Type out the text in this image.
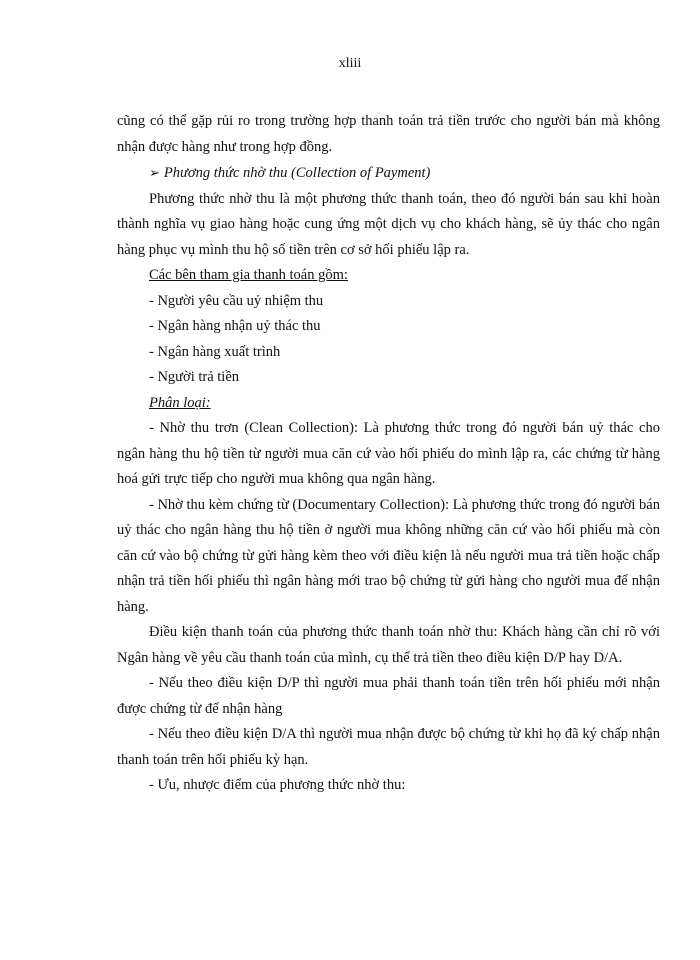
xliii

cũng có thể gặp rủi ro trong trường hợp thanh toán trả tiền trước cho người bán mà không nhận được hàng như trong hợp đồng.

➢ Phương thức nhờ thu (Collection of Payment)

Phương thức nhờ thu là một phương thức thanh toán, theo đó người bán sau khi hoàn thành nghĩa vụ giao hàng hoặc cung ứng một dịch vụ cho khách hàng, sẽ ủy thác cho ngân hàng phục vụ mình thu hộ số tiền trên cơ sở hối phiếu lập ra.

Các bên tham gia thanh toán gồm:

- Người yêu cầu uỷ nhiệm thu

- Ngân hàng nhận uỷ thác thu

- Ngân hàng xuất trình

- Người trả tiền

Phân loại:

- Nhờ thu trơn (Clean Collection): Là phương thức trong đó người bán uỷ thác cho ngân hàng thu hộ tiền từ người mua căn cứ vào hối phiếu do mình lập ra, các chứng từ hàng hoá gửi trực tiếp cho người mua không qua ngân hàng.

- Nhờ thu kèm chứng từ (Documentary Collection): Là phương thức trong đó người bán uỷ thác cho ngân hàng thu hộ tiền ở người mua không những căn cứ vào hối phiếu mà còn căn cứ vào bộ chứng từ gửi hàng kèm theo với điều kiện là nếu người mua trả tiền hoặc chấp nhận trả tiền hối phiếu thì ngân hàng mới trao bộ chứng từ gửi hàng cho người mua để nhận hàng.

Điều kiện thanh toán của phương thức thanh toán nhờ thu: Khách hàng cần chỉ rõ với Ngân hàng về yêu cầu thanh toán của mình, cụ thể trả tiền theo điều kiện D/P hay D/A.

- Nếu theo điều kiện D/P thì người mua phải thanh toán tiền trên hối phiếu mới nhận được chứng từ để nhận hàng

- Nếu theo điều kiện D/A thì người mua nhận được bộ chứng từ khi họ đã ký chấp nhận thanh toán trên hối phiếu kỳ hạn.

- Ưu, nhược điểm của phương thức nhờ thu:
